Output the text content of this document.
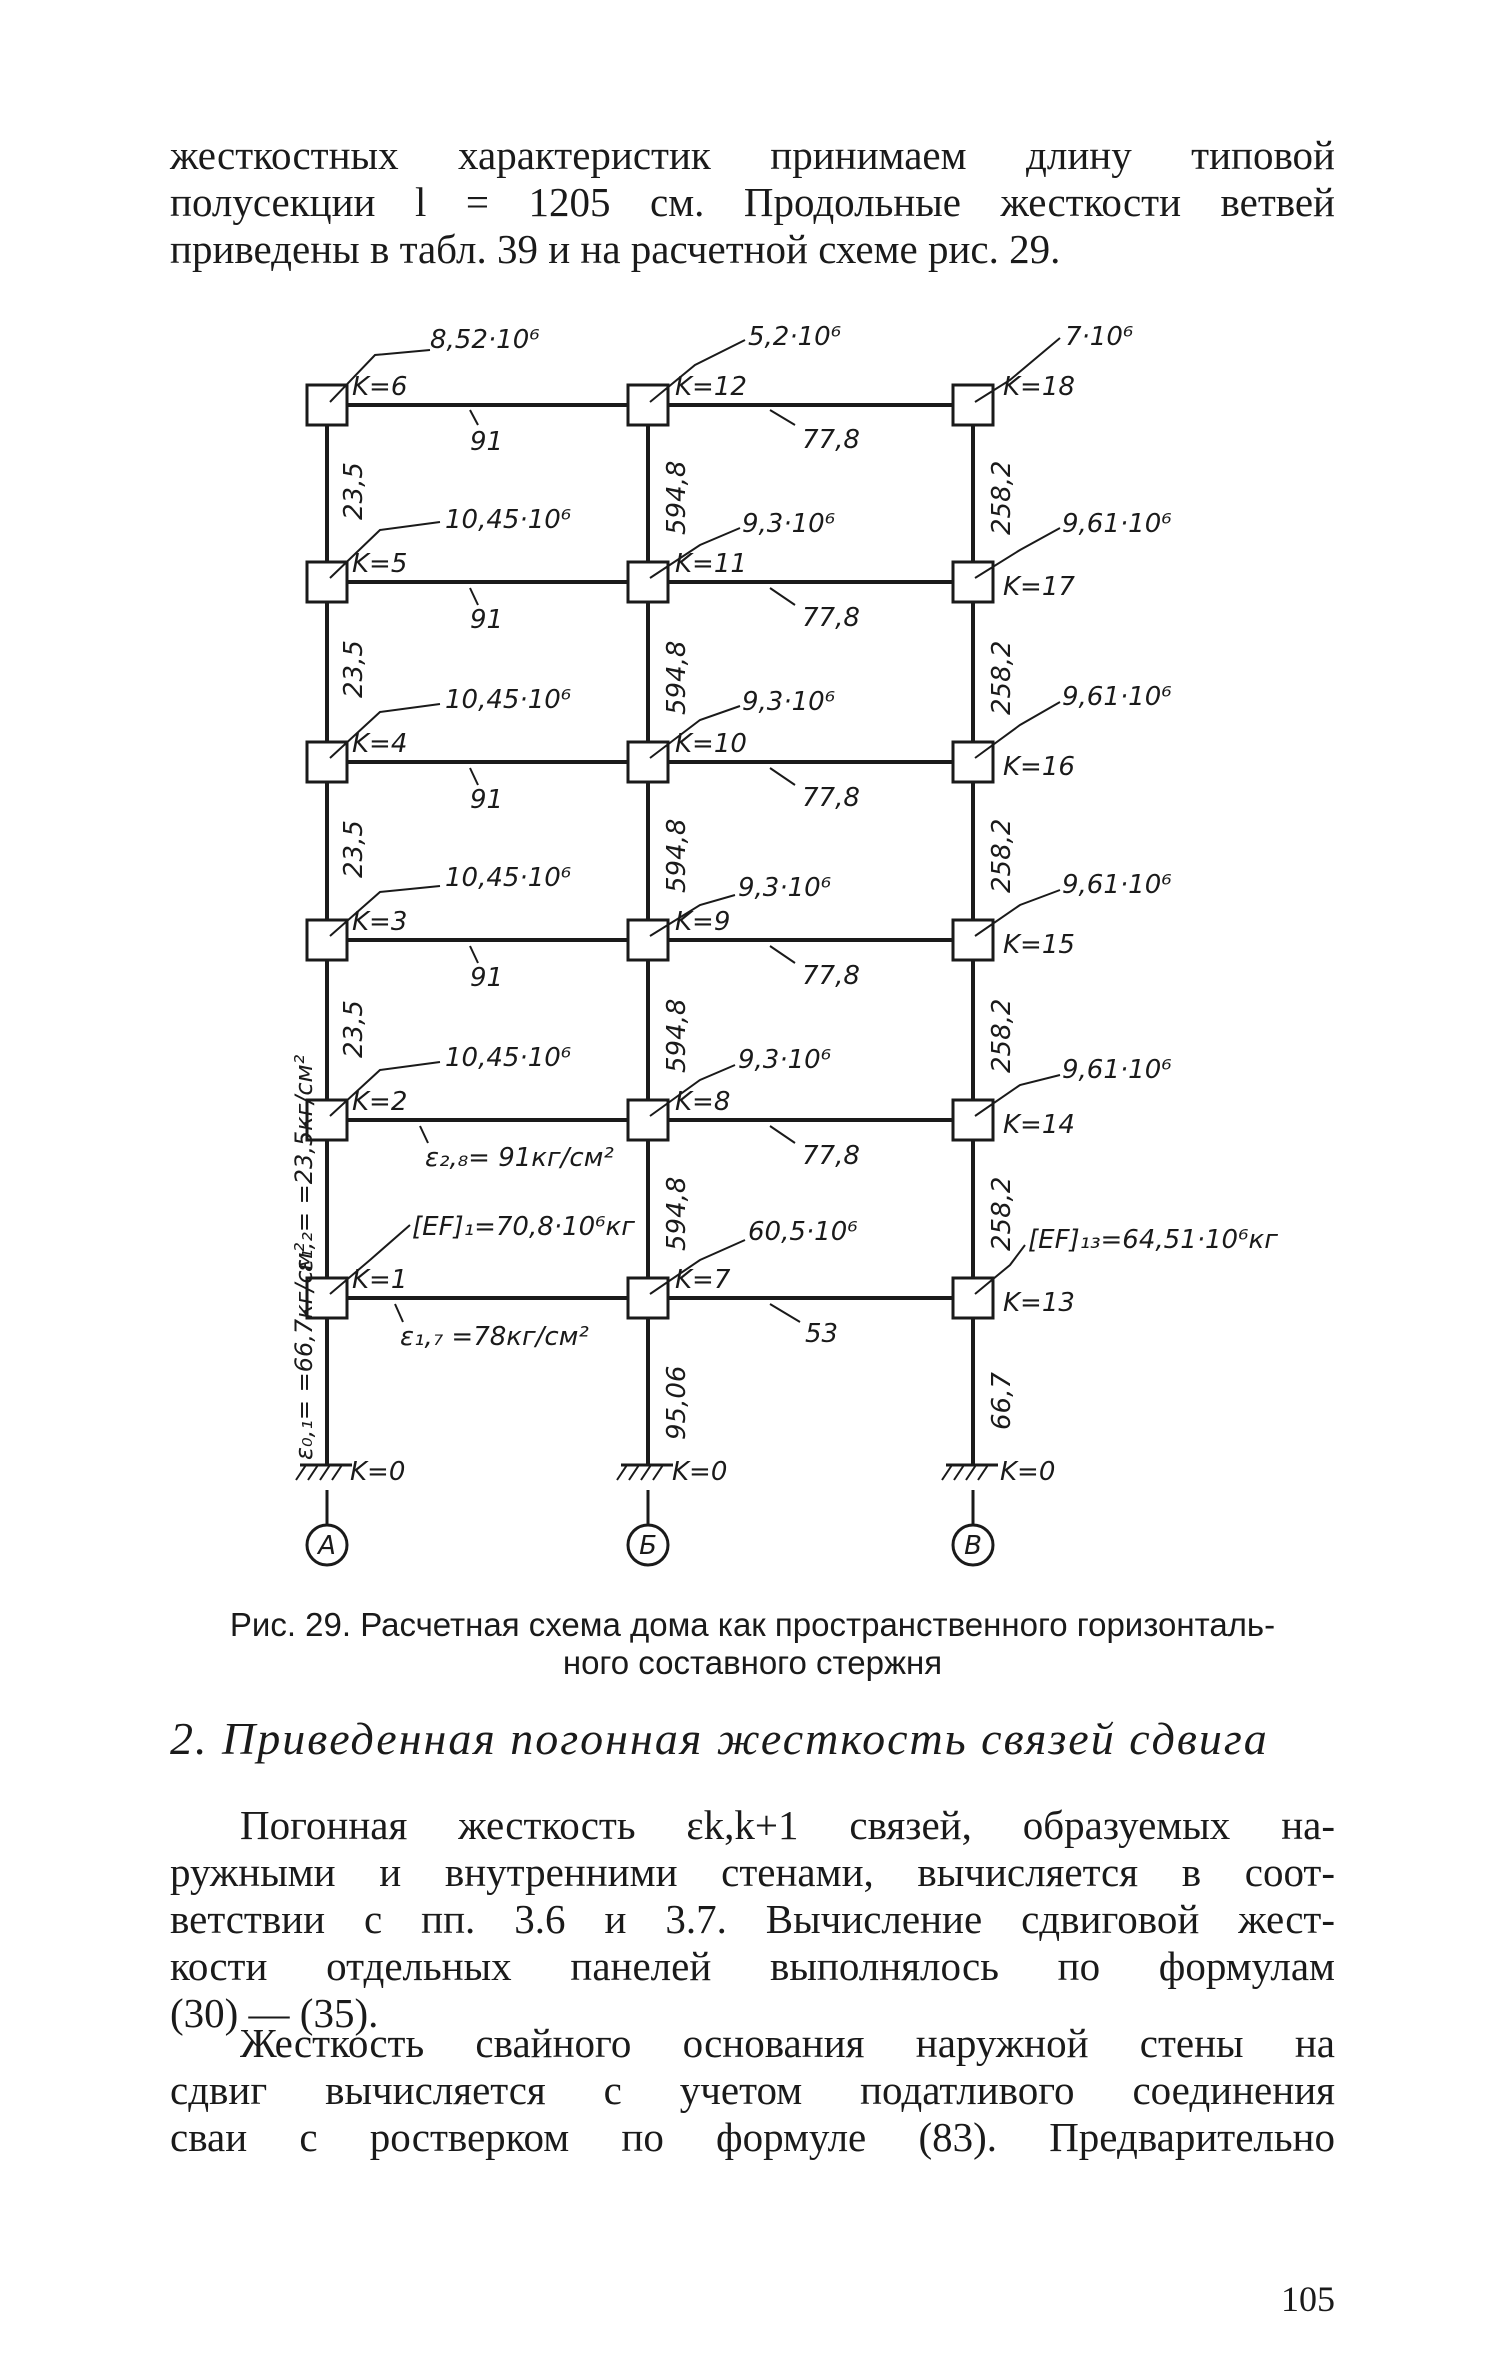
жесткостных характеристик принимаем длину типовой
полусекции l = 1205 см. Продольные жесткости ветвей
приведены в табл. 39 и на расчетной схеме рис. 29.
А	Б	В
K=6
K=5
K=4
K=3
K=2
K=1
K=0
K=12
K=11
K=10
K=9
K=8
K=7
K=0
K=18
K=17
K=16
K=15
K=14
K=13
K=0
8,52·10⁶
10,45·10⁶
10,45·10⁶
10,45·10⁶
10,45·10⁶
[EF]₁=70,8·10⁶кг
5,2·10⁶
9,3·10⁶
9,3·10⁶
9,3·10⁶
9,3·10⁶
60,5·10⁶
7·10⁶
9,61·10⁶
9,61·10⁶
9,61·10⁶
9,61·10⁶
[EF]₁₃=64,51·10⁶кг
91
91
91
91
ε₂,₈= 91кг/см²
ε₁,₇ =78кг/см²
77,8
77,8
77,8
77,8
77,8
53
23,5
23,5
23,5
23,5
ε₁,₂= =23,5кг/см²
ε₀,₁= =66,7кг/см²
594,8
594,8
594,8
594,8
594,8
95,06
258,2
258,2
258,2
258,2
258,2
66,7
Рис. 29. Расчетная схема дома как пространственного горизонталь-
ного составного стержня
2. Приведенная погонная жесткость связей сдвига
Погонная жесткость εk,k+1 связей, образуемых на-
ружными и внутренними стенами, вычисляется в соот-
ветствии с пп. 3.6 и 3.7. Вычисление сдвиговой жест-
кости отдельных панелей выполнялось по формулам
(30) — (35).
Жесткость свайного основания наружной стены на
сдвиг вычисляется с учетом податливого соединения
сваи с ростверком по формуле (83). Предварительно
105
